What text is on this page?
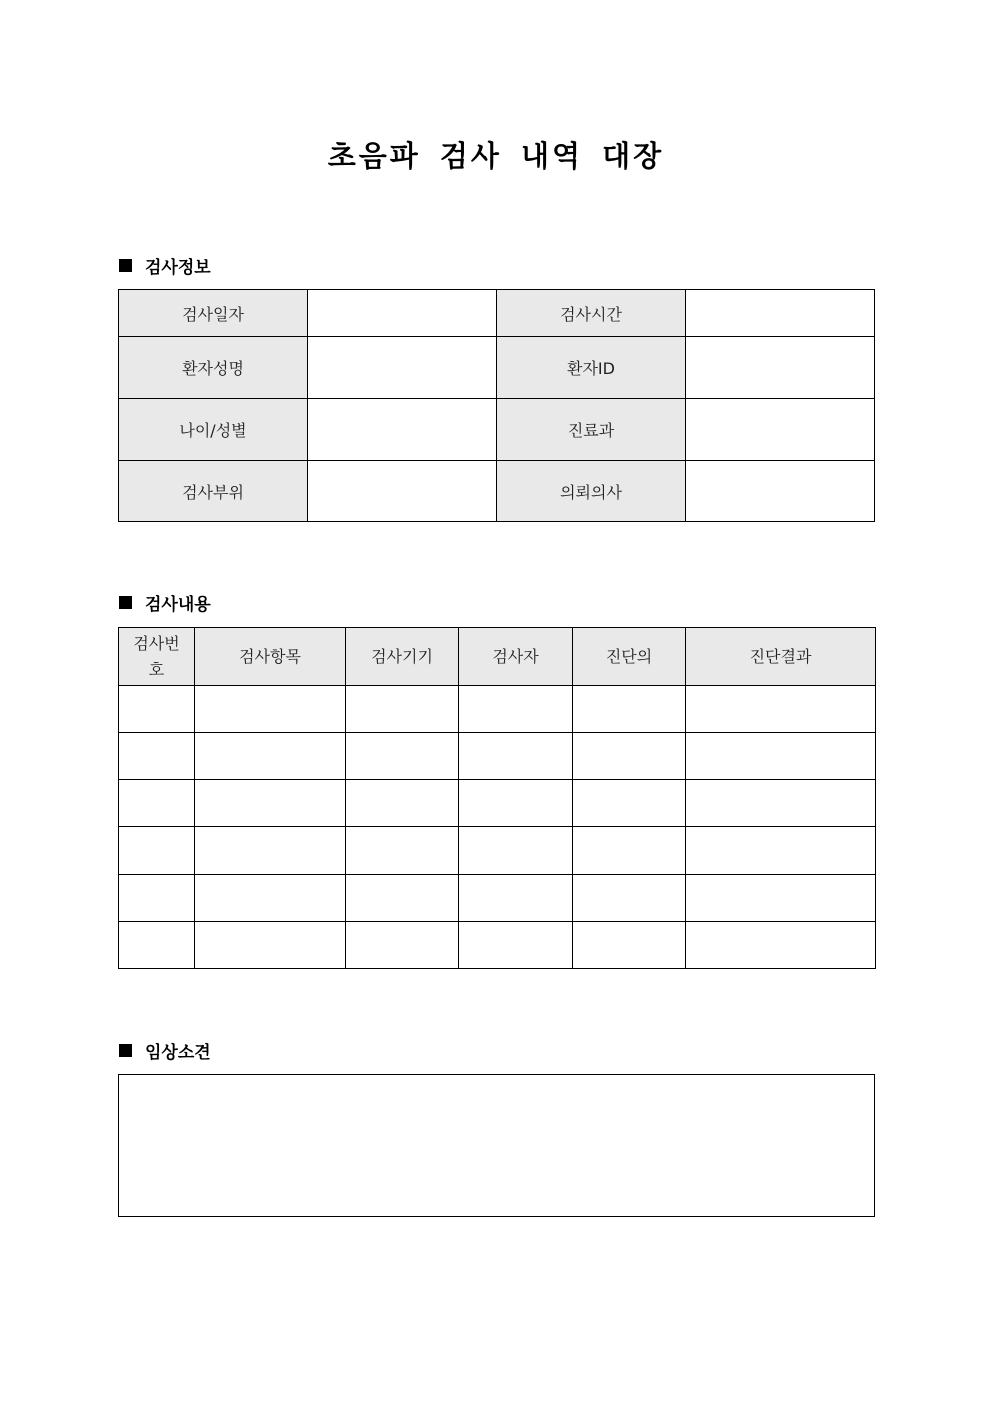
초음파 검사 내역 대장
검사정보
검사일자		검사시간	
환자성명		환자ID	
나이/성별		진료과	
검사부위		의뢰의사	
검사내용
검사번호	검사항목	검사기기	검사자	진단의	진단결과

임상소견
